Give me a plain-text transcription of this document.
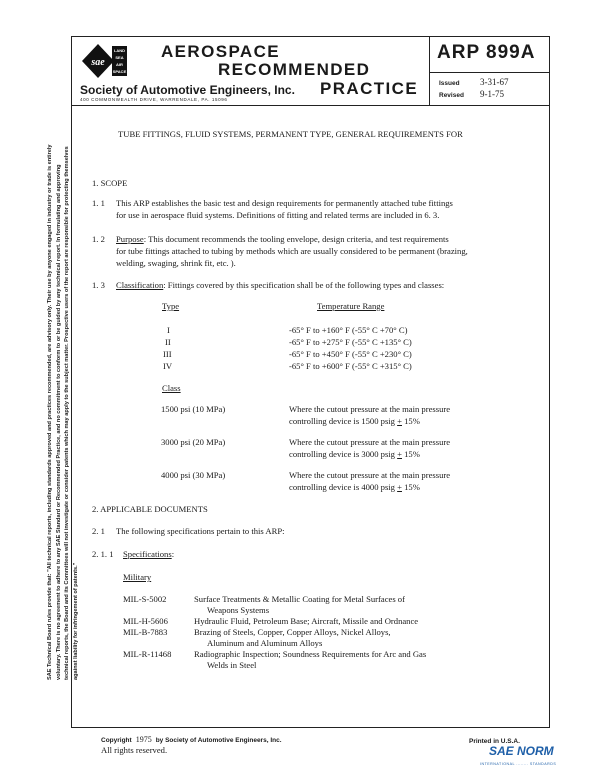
SAE Technical Board rules provide that: "All technical reports, including standards approved and practices recommended, are advisory only. Their use by anyone engaged in industry or trade is entirely voluntary. There is no agreement to adhere to any SAE Standard or Recommended Practice, and no commitment to conform to or be guided by any technical report. In formulating and approving technical reports, the Board and its Committees will not investigate or consider patents which may apply to the subject matter. Prospective users of the report are responsible for protecting themselves against liability for infringement of patents."

sae
LAND
SEA
AIR
SPACE
AEROSPACE
RECOMMENDED
PRACTICE
Society of Automotive Engineers, Inc.
400 COMMONWEALTH DRIVE, WARRENDALE, PA. 15096
ARP 899A
Issued 3-31-67
Revised 9-1-75
TUBE FITTINGS, FLUID SYSTEMS, PERMANENT TYPE, GENERAL REQUIREMENTS FOR
1. SCOPE
1. 1 This ARP establishes the basic test and design requirements for permanently attached tube fittings
for use in aerospace fluid systems. Definitions of fitting and related terms are included in 6. 3.
1. 2 Purpose: This document recommends the tooling envelope, design criteria, and test requirements
for tube fittings attached to tubing by methods which are usually considered to be permanent (brazing,
welding, swaging, shrink fit, etc. ).
1. 3 Classification: Fittings covered by this specification shall be of the following types and classes:
Type	Temperature Range
I	-65° F to +160° F (-55° C +70° C)
II	-65° F to +275° F (-55° C +135° C)
III	-65° F to +450° F (-55° C +230° C)
IV	-65° F to +600° F (-55° C +315° C)
Class
1500 psi (10 MPa)	Where the cutout pressure at the main pressure
controlling device is 1500 psig + 15%
3000 psi (20 MPa)	Where the cutout pressure at the main pressure
controlling device is 3000 psig + 15%
4000 psi (30 MPa)	Where the cutout pressure at the main pressure
controlling device is 4000 psig + 15%
2. APPLICABLE DOCUMENTS
2. 1 The following specifications pertain to this ARP:
2. 1. 1 Specifications:
Military
MIL-S-5002	Surface Treatments & Metallic Coating for Metal Surfaces of
Weapons Systems
MIL-H-5606	Hydraulic Fluid, Petroleum Base; Aircraft, Missile and Ordnance
MIL-B-7883	Brazing of Steels, Copper, Copper Alloys, Nickel Alloys,
Aluminum and Aluminum Alloys
MIL-R-11468	Radiographic Inspection; Soundness Requirements for Arc and Gas
Welds in Steel
Copyright 1975 by Society of Automotive Engineers, Inc.
All rights reserved.
Printed in U.S.A.
SAE NORM
INTERNATIONAL ........ STANDARDS
